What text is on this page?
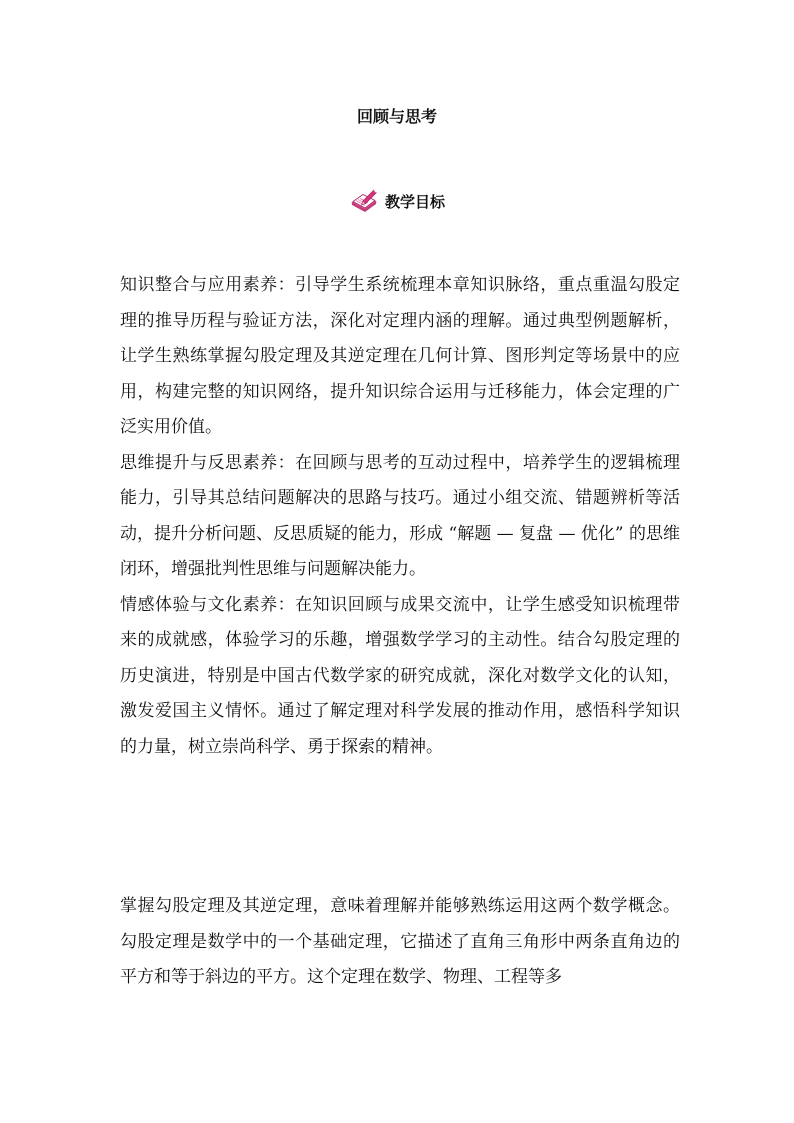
回顾与思考
教学目标

知识整合与应用素养：引导学生系统梳理本章知识脉络，重点重温勾股定理的推导历程与验证方法，深化对定理内涵的理解。通过典型例题解析，让学生熟练掌握勾股定理及其逆定理在几何计算、图形判定等场景中的应用，构建完整的知识网络，提升知识综合运用与迁移能力，体会定理的广泛实用价值。

思维提升与反思素养：在回顾与思考的互动过程中，培养学生的逻辑梳理能力，引导其总结问题解决的思路与技巧。通过小组交流、错题辨析等活动，提升分析问题、反思质疑的能力，形成 “解题 — 复盘 — 优化” 的思维闭环，增强批判性思维与问题解决能力。

情感体验与文化素养：在知识回顾与成果交流中，让学生感受知识梳理带来的成就感，体验学习的乐趣，增强数学学习的主动性。结合勾股定理的历史演进，特别是中国古代数学家的研究成就，深化对数学文化的认知，激发爱国主义情怀。通过了解定理对科学发展的推动作用，感悟科学知识的力量，树立崇尚科学、勇于探索的精神。

掌握勾股定理及其逆定理，意味着理解并能够熟练运用这两个数学概念。勾股定理是数学中的一个基础定理，它描述了直角三角形中两条直角边的平方和等于斜边的平方。这个定理在数学、物理、工程等多
